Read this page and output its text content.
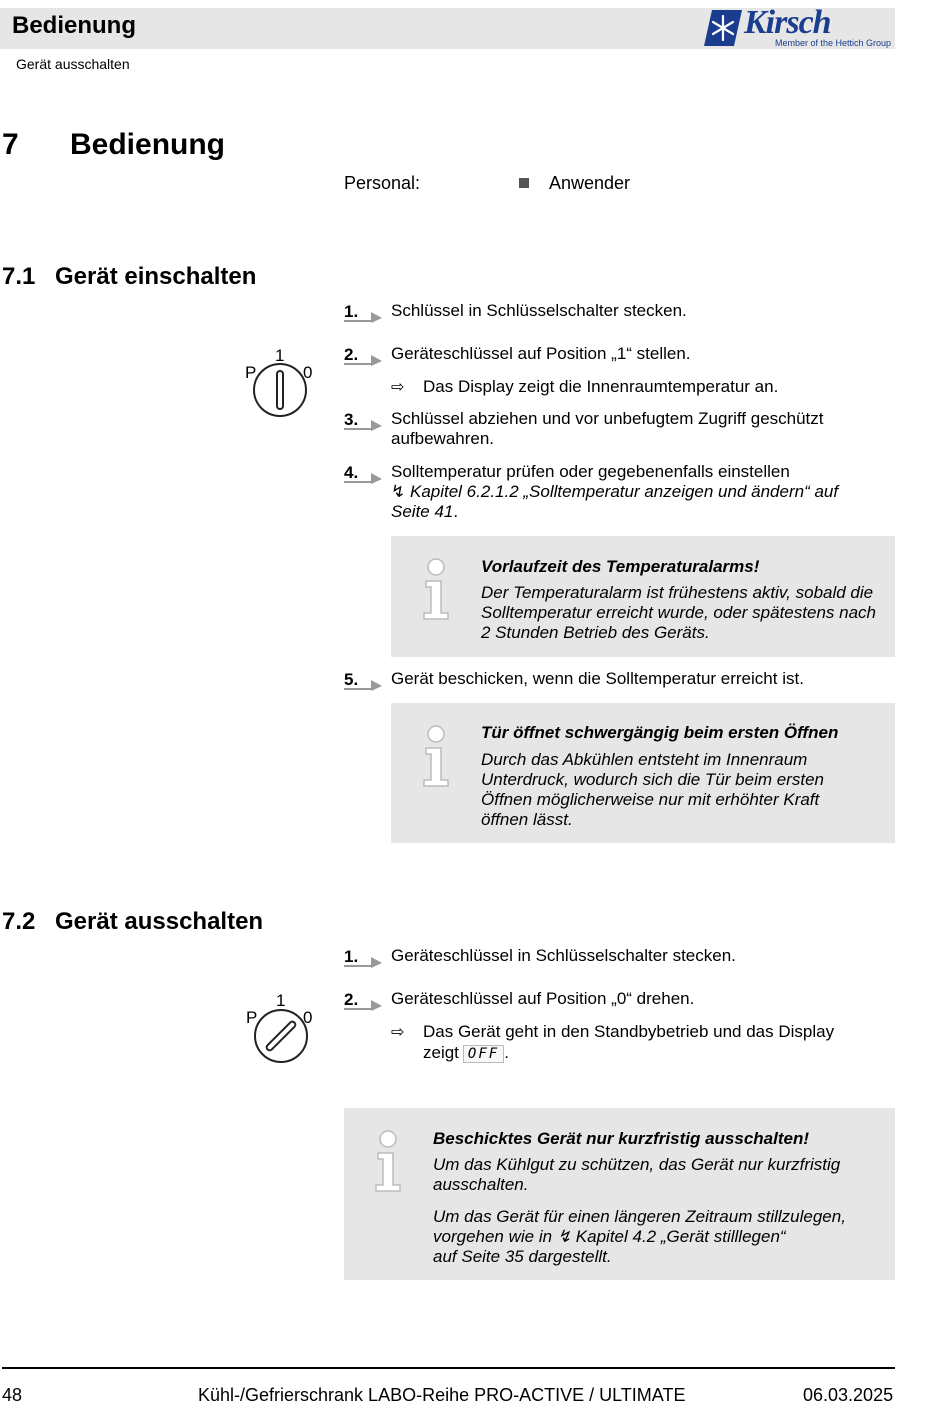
Bedienung
Gerät ausschalten
Kirsch
Member of the Hettich Group
7 Bedienung
Personal:	Anwender
7.1 Gerät einschalten
1
P	0
1. Schlüssel in Schlüsselschalter stecken.
2. Geräteschlüssel auf Position „1“ stellen.
⇨ Das Display zeigt die Innenraumtemperatur an.
3. Schlüssel abziehen und vor unbefugtem Zugriff geschützt aufbewahren.
4. Solltemperatur prüfen oder gegebenenfalls einstellen
↯ Kapitel 6.2.1.2 „Solltemperatur anzeigen und ändern“ auf Seite 41.
Vorlaufzeit des Temperaturalarms!
Der Temperaturalarm ist frühestens aktiv, sobald die Solltemperatur erreicht wurde, oder spätestens nach 2 Stunden Betrieb des Geräts.
5. Gerät beschicken, wenn die Solltemperatur erreicht ist.
Tür öffnet schwergängig beim ersten Öffnen
Durch das Abkühlen entsteht im Innenraum Unterdruck, wodurch sich die Tür beim ersten Öffnen möglicherweise nur mit erhöhter Kraft öffnen lässt.
7.2 Gerät ausschalten
1
P	0
1. Geräteschlüssel in Schlüsselschalter stecken.
2. Geräteschlüssel auf Position „0“ drehen.
⇨ Das Gerät geht in den Standbybetrieb und das Display
zeigt OFF .
Beschicktes Gerät nur kurzfristig ausschalten!
Um das Kühlgut zu schützen, das Gerät nur kurzfristig ausschalten.
Um das Gerät für einen längeren Zeitraum stillzulegen, vorgehen wie in ↯ Kapitel 4.2 „Gerät stilllegen“
auf Seite 35 dargestellt.
48	Kühl-/Gefrierschrank LABO-Reihe PRO-ACTIVE / ULTIMATE	06.03.2025
